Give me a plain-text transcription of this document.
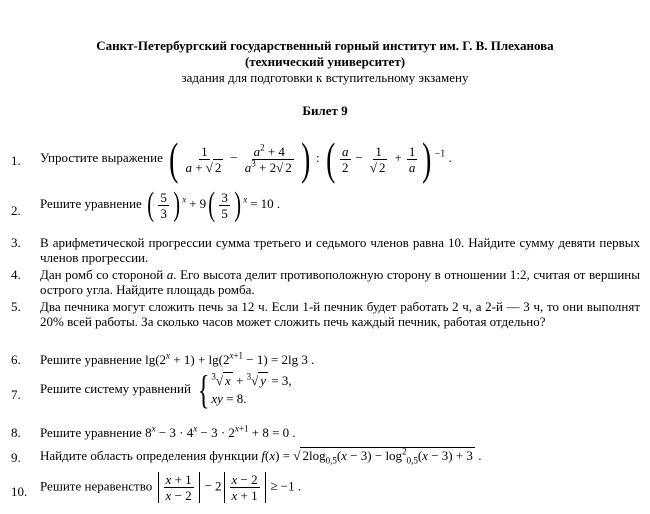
Санкт-Петербургский государственный горный институт им. Г. В. Плеханова
(технический университет)
задания для подготовки к вступительному экзамену
Билет 9
1. Упростите выражение ( $\frac{1}{a + √ 2} - \frac{a^2 + 4}{a^3 + 2√ 2}$ ) : ( $\frac{a}{2} - \frac{1}{√ 2} + \frac{1}{a}$ ) $^{-1}$ .
2. Решите уравнение ( $\frac{5}{3}$ ) $^x + 9( \frac{3}{5}$ ) $^x$ = 10 .
3. В арифметической прогрессии сумма третьего и седьмого членов равна 10. Найдите сумму девяти первых членов прогрессии.
4. Дан ромб со стороной a. Его высота делит противоположную сторону в отношении 1:2, считая от вершины острого угла. Найдите площадь ромба.
5. Два печника могут сложить печь за 12 ч. Если 1-й печник будет работать 2 ч, а 2-й — 3 ч, то они выполнят 20% всей работы. За сколько часов может сложить печь каждый печник, работая отдельно?
6. Решите уравнение $\lg(2^x + 1) + \lg(2^{x+1} - 1) = 2\lg$ 3 .
7. Решите систему уравнений { $^3$√ x + $^3$√ y = 3,
xy = 8.
8. Решите уравнение $8^x - 3 \cdot 4^x - 3 \cdot 2^{x+1} + 8 = 0$ .
9. Найдите область определения функции f(x) = √ $2\log_{0,5}(x - 3) - \log^2_{0,5}(x - 3) + 3$ .
10. Решите неравенство $\frac{x + 1}{x - 2} - 2 \frac{x - 2}{x + 1} \ge -1$ .
